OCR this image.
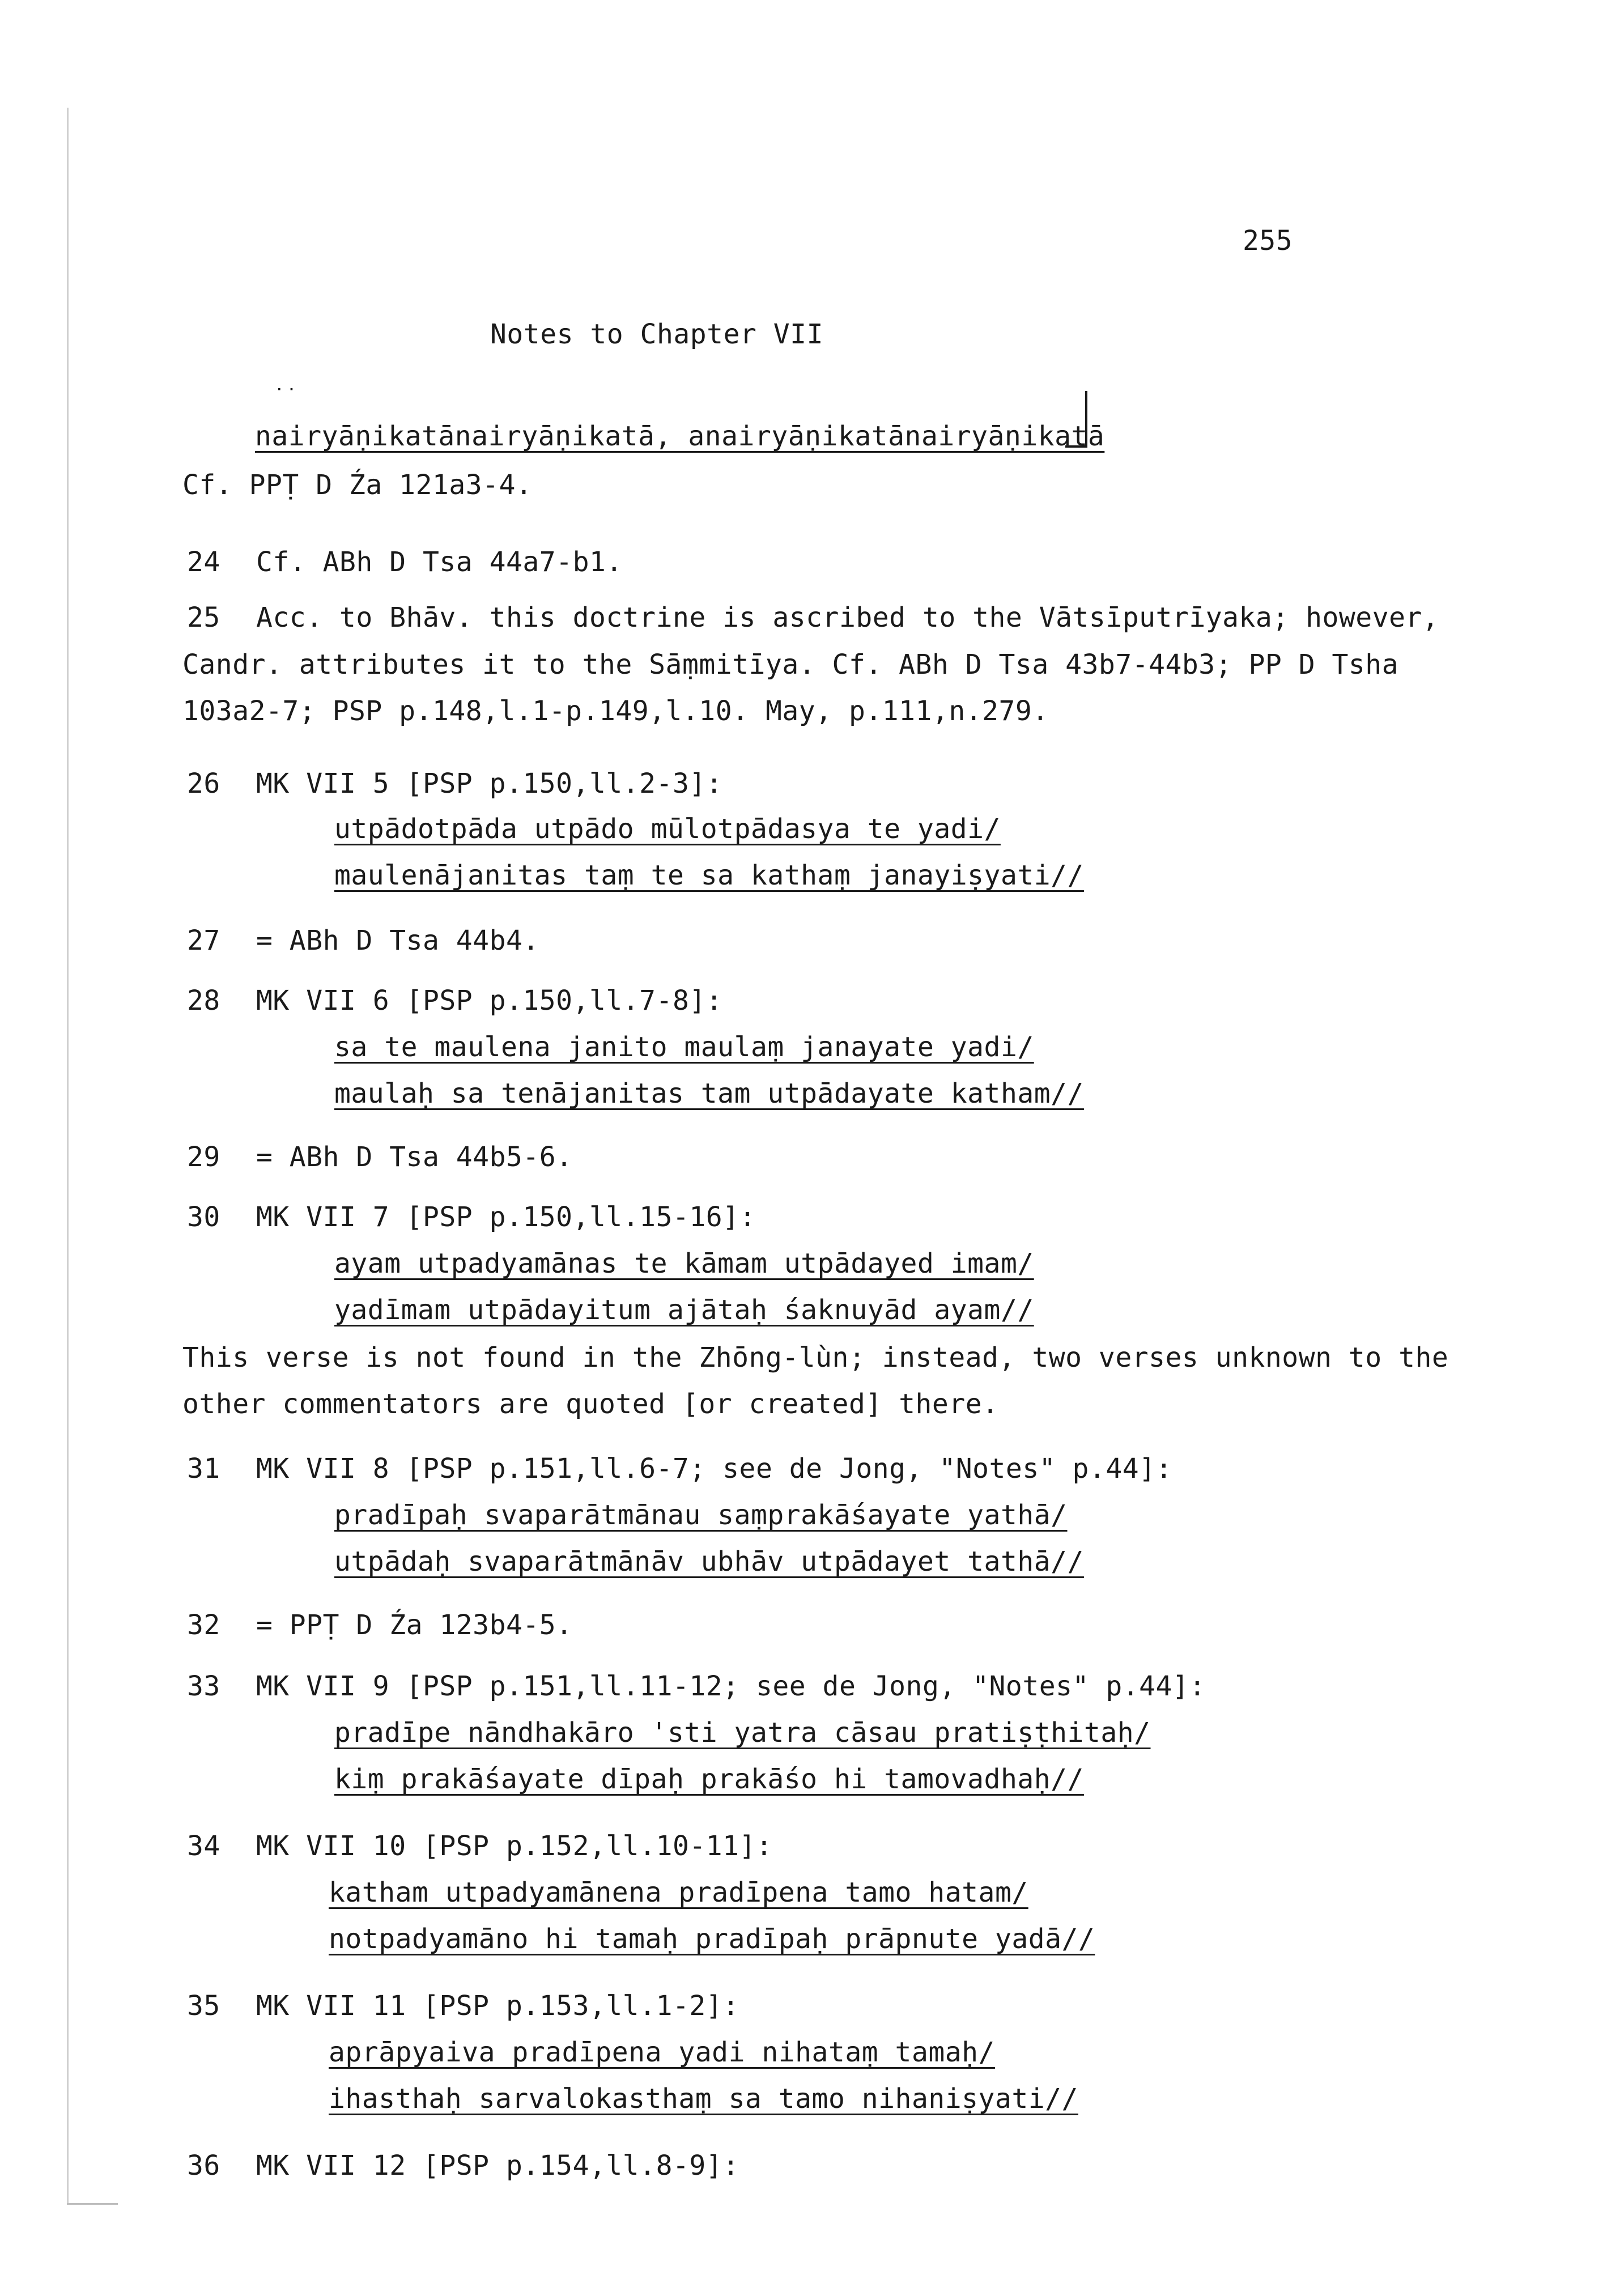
255
Notes to Chapter VII
˙˙
nairyāṇikatānairyāṇikatā, anairyāṇikatānairyāṇikatā
Cf. PPṬ D Źa 121a3-4.
24 Cf. ABh D Tsa 44a7-b1.
25 Acc. to Bhāv. this doctrine is ascribed to the Vātsīputrīyaka; however,
Candr. attributes it to the Sāṃmitīya. Cf. ABh D Tsa 43b7-44b3; PP D Tsha
103a2-7; PSP p.148,l.1-p.149,l.10. May, p.111,n.279.
26 MK VII 5 [PSP p.150,ll.2-3]:
utpādotpāda utpādo mūlotpādasya te yadi/
maulenājanitas taṃ te sa kathaṃ janayiṣyati//
27 = ABh D Tsa 44b4.
28 MK VII 6 [PSP p.150,ll.7-8]:
sa te maulena janito maulaṃ janayate yadi/
maulaḥ sa tenājanitas tam utpādayate katham//
29 = ABh D Tsa 44b5-6.
30 MK VII 7 [PSP p.150,ll.15-16]:
ayam utpadyamānas te kāmam utpādayed imam/
yadīmam utpādayitum ajātaḥ śaknuyād ayam//
This verse is not found in the Zhōng-lùn; instead, two verses unknown to the
other commentators are quoted [or created] there.
31 MK VII 8 [PSP p.151,ll.6-7; see de Jong, "Notes" p.44]:
pradīpaḥ svaparātmānau saṃprakāśayate yathā/
utpādaḥ svaparātmānāv ubhāv utpādayet tathā//
32 = PPṬ D Źa 123b4-5.
33 MK VII 9 [PSP p.151,ll.11-12; see de Jong, "Notes" p.44]:
pradīpe nāndhakāro 'sti yatra cāsau pratiṣṭhitaḥ/
kiṃ prakāśayate dīpaḥ prakāśo hi tamovadhaḥ//
34 MK VII 10 [PSP p.152,ll.10-11]:
katham utpadyamānena pradīpena tamo hatam/
notpadyamāno hi tamaḥ pradīpaḥ prāpnute yadā//
35 MK VII 11 [PSP p.153,ll.1-2]:
aprāpyaiva pradīpena yadi nihataṃ tamaḥ/
ihasthaḥ sarvalokasthaṃ sa tamo nihaniṣyati//
36 MK VII 12 [PSP p.154,ll.8-9]:
